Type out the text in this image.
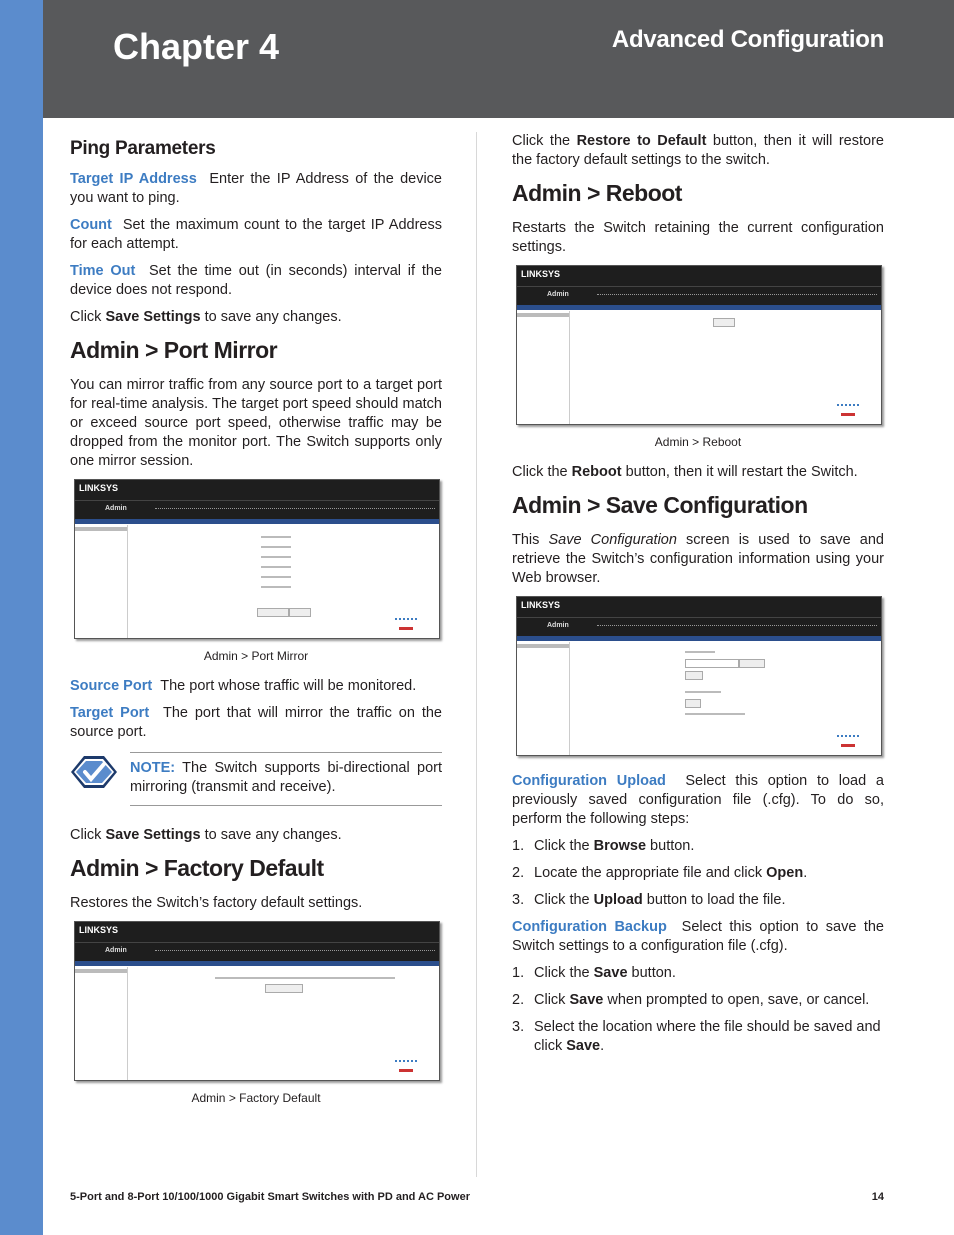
Chapter 4	Advanced Configuration
Ping Parameters

Target IP Address Enter the IP Address of the device you want to ping.

Count Set the maximum count to the target IP Address for each attempt.

Time Out Set the time out (in seconds) interval if the device does not respond.

Click Save Settings to save any changes.

Admin > Port Mirror

You can mirror traffic from any source port to a target port for real-time analysis. The target port speed should match or exceed source port speed, otherwise traffic may be dropped from the monitor port. The Switch supports only one mirror session.

LINKSYS
Admin
Admin > Port Mirror

Source Port The port whose traffic will be monitored.

Target Port The port that will mirror the traffic on the source port.

NOTE: The Switch supports bi-directional port mirroring (transmit and receive).

Click Save Settings to save any changes.

Admin > Factory Default

Restores the Switch’s factory default settings.

LINKSYS
Admin
Admin > Factory Default

Click the Restore to Default button, then it will restore the factory default settings to the switch.

Admin > Reboot

Restarts the Switch retaining the current configuration settings.

LINKSYS
Admin
Admin > Reboot

Click the Reboot button, then it will restart the Switch.

Admin > Save Configuration

This Save Configuration screen is used to save and retrieve the Switch’s configuration information using your Web browser.

LINKSYS
Admin

Configuration Upload Select this option to load a previously saved configuration file (.cfg). To do so, perform the following steps:

1. Click the Browse button.
2. Locate the appropriate file and click Open.
3. Click the Upload button to load the file.

Configuration Backup Select this option to save the Switch settings to a configuration file (.cfg).

1. Click the Save button.
2. Click Save when prompted to open, save, or cancel.
3. Select the location where the file should be saved and click Save.
5-Port and 8-Port 10/100/1000 Gigabit Smart Switches with PD and AC Power	14
